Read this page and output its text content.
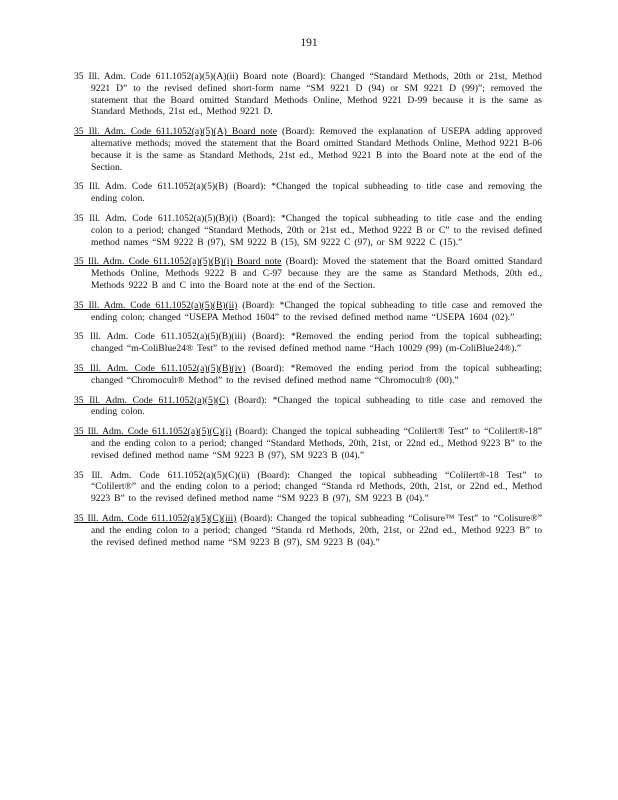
191

35 Ill. Adm. Code 611.1052(a)(5)(A)(ii) Board note (Board): Changed “Standard Methods, 20th or 21st, Method 9221 D” to the revised defined short-form name “SM 9221 D (94) or SM 9221 D (99)”; removed the statement that the Board omitted Standard Methods Online, Method 9221 D-99 because it is the same as Standard Methods, 21st ed., Method 9221 D.

35 Ill. Adm. Code 611.1052(a)(5)(A) Board note (Board): Removed the explanation of USEPA adding approved alternative methods; moved the statement that the Board omitted Standard Methods Online, Method 9221 B-06 because it is the same as Standard Methods, 21st ed., Method 9221 B into the Board note at the end of the Section.

35 Ill. Adm. Code 611.1052(a)(5)(B) (Board): *Changed the topical subheading to title case and removing the ending colon.

35 Ill. Adm. Code 611.1052(a)(5)(B)(i) (Board): *Changed the topical subheading to title case and the ending colon to a period; changed “Standard Methods, 20th or 21st ed., Method 9222 B or C” to the revised defined method names “SM 9222 B (97), SM 9222 B (15), SM 9222 C (97), or SM 9222 C (15).”

35 Ill. Adm. Code 611.1052(a)(5)(B)(i) Board note (Board): Moved the statement that the Board omitted Standard Methods Online, Methods 9222 B and C-97 because they are the same as Standard Methods, 20th ed., Methods 9222 B and C into the Board note at the end of the Section.

35 Ill. Adm. Code 611.1052(a)(5)(B)(ii) (Board): *Changed the topical subheading to title case and removed the ending colon; changed “USEPA Method 1604” to the revised defined method name “USEPA 1604 (02).”

35 Ill. Adm. Code 611.1052(a)(5)(B)(iii) (Board): *Removed the ending period from the topical subheading; changed “m-ColiBlue24® Test” to the revised defined method name “Hach 10029 (99) (m-ColiBlue24®).”

35 Ill. Adm. Code 611.1052(a)(5)(B)(iv) (Board): *Removed the ending period from the topical subheading; changed “Chromocult® Method” to the revised defined method name “Chromocult® (00).”

35 Ill. Adm. Code 611.1052(a)(5)(C) (Board): *Changed the topical subheading to title case and removed the ending colon.

35 Ill. Adm. Code 611.1052(a)(5)(C)(i) (Board): Changed the topical subheading “Colilert® Test” to “Colilert®-18” and the ending colon to a period; changed “Standard Methods, 20th, 21st, or 22nd ed., Method 9223 B” to the revised defined method name “SM 9223 B (97), SM 9223 B (04).”

35 Ill. Adm. Code 611.1052(a)(5)(C)(ii) (Board): Changed the topical subheading “Colilert®-18 Test” to “Colilert®” and the ending colon to a period; changed “Standa rd Methods, 20th, 21st, or 22nd ed., Method 9223 B” to the revised defined method name “SM 9223 B (97), SM 9223 B (04).”

35 Ill. Adm. Code 611.1052(a)(5)(C)(iii) (Board): Changed the topical subheading “Colisure™ Test” to “Colisure®” and the ending colon to a period; changed “Standa rd Methods, 20th, 21st, or 22nd ed., Method 9223 B” to the revised defined method name “SM 9223 B (97), SM 9223 B (04).”
